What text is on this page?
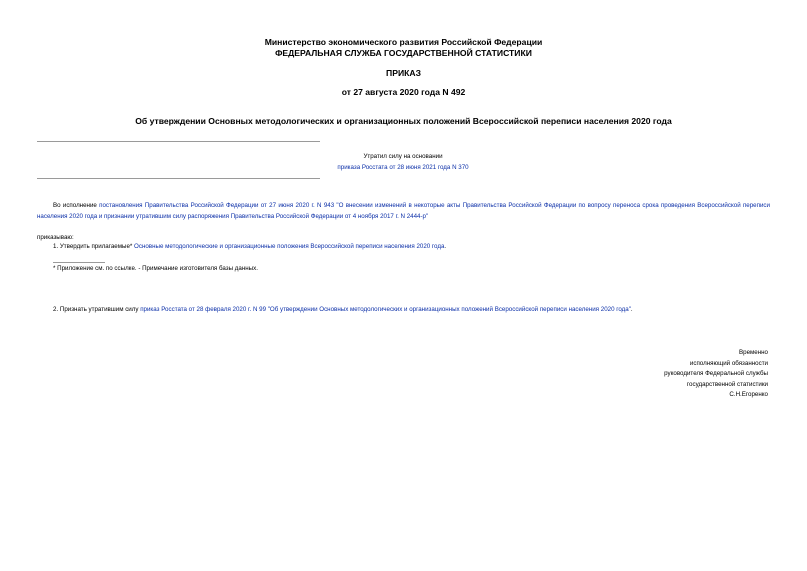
Министерство экономического развития Российской Федерации
ФЕДЕРАЛЬНАЯ СЛУЖБА ГОСУДАРСТВЕННОЙ СТАТИСТИКИ
ПРИКАЗ
от 27 августа 2020 года N 492
Об утверждении Основных методологических и организационных положений Всероссийской переписи населения 2020 года
Утратил силу на основании
приказа Росстата от 28 июня 2021 года N 370
Во исполнение постановления Правительства Российской Федерации от 27 июня 2020 г. N 943 "О внесении изменений в некоторые акты Правительства Российской Федерации по вопросу переноса срока проведения Всероссийской переписи населения 2020 года и признании утратившим силу распоряжения Правительства Российской Федерации от 4 ноября 2017 г. N 2444-р"
приказываю:
1. Утвердить прилагаемые* Основные методологические и организационные положения Всероссийской переписи населения 2020 года.
* Приложение см. по ссылке. - Примечание изготовителя базы данных.
2. Признать утратившим силу приказ Росстата от 28 февраля 2020 г. N 99 "Об утверждении Основных методологических и организационных положений Всероссийской переписи населения 2020 года".
Временно
исполняющий обязанности
руководителя Федеральной службы
государственной статистики
С.Н.Егоренко
